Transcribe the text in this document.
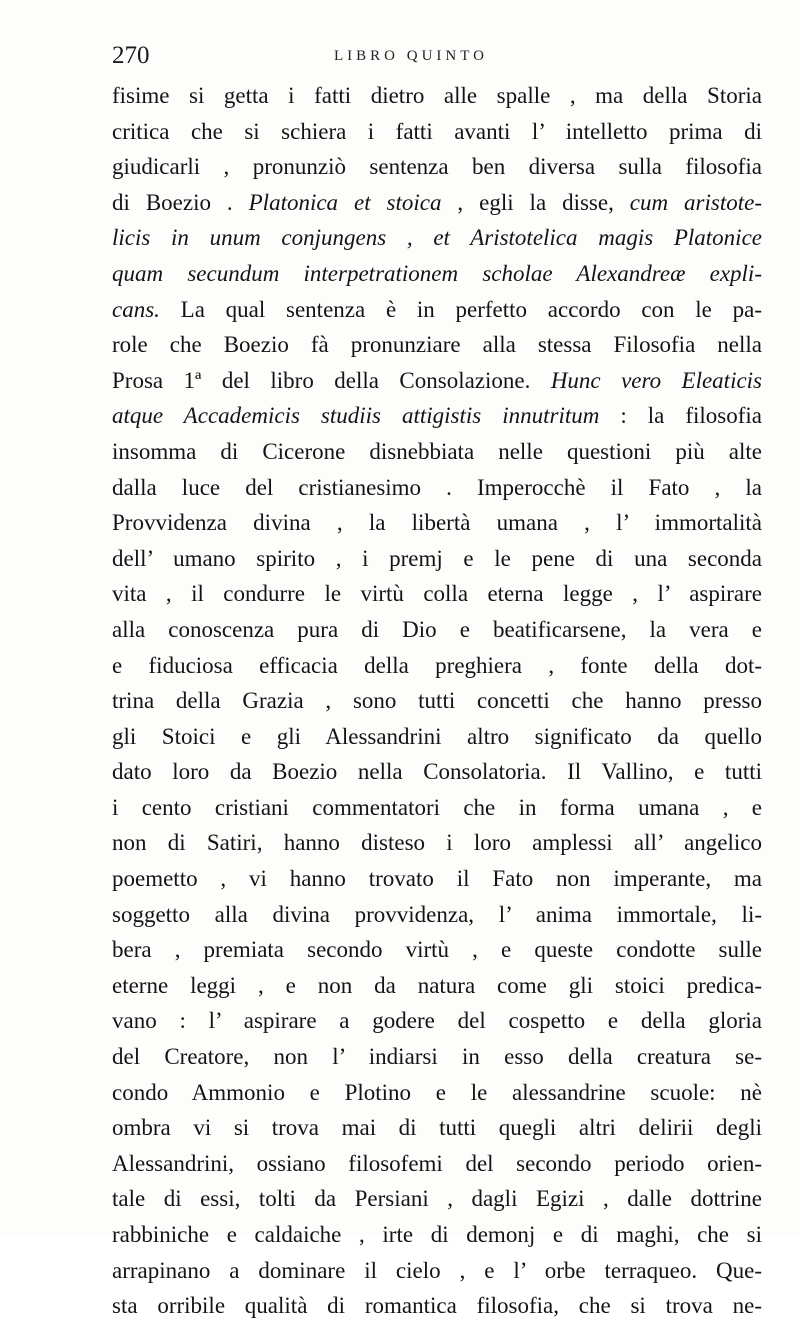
270	LIBRO QUINTO
fisime si getta i fatti dietro alle spalle , ma della Storia
critica che si schiera i fatti avanti l’ intelletto prima di
giudicarli , pronunziò sentenza ben diversa sulla filosofia
di Boezio . Platonica et stoica , egli la disse, cum aristote-
licis in unum conjungens , et Aristotelica magis Platonice
quam secundum interpetrationem scholae Alexandreæ expli-
cans. La qual sentenza è in perfetto accordo con le pa-
role che Boezio fà pronunziare alla stessa Filosofia nella
Prosa 1ª del libro della Consolazione. Hunc vero Eleaticis
atque Accademicis studiis attigistis innutritum : la filosofia
insomma di Cicerone disnebbiata nelle questioni più alte
dalla luce del cristianesimo . Imperocchè il Fato , la
Provvidenza divina , la libertà umana , l’ immortalità
dell’ umano spirito , i premj e le pene di una seconda
vita , il condurre le virtù colla eterna legge , l’ aspirare
alla conoscenza pura di Dio e beatificarsene, la vera e
e fiduciosa efficacia della preghiera , fonte della dot-
trina della Grazia , sono tutti concetti che hanno presso
gli Stoici e gli Alessandrini altro significato da quello
dato loro da Boezio nella Consolatoria. Il Vallino, e tutti
i cento cristiani commentatori che in forma umana , e
non di Satiri, hanno disteso i loro amplessi all’ angelico
poemetto , vi hanno trovato il Fato non imperante, ma
soggetto alla divina provvidenza, l’ anima immortale, li-
bera , premiata secondo virtù , e queste condotte sulle
eterne leggi , e non da natura come gli stoici predica-
vano : l’ aspirare a godere del cospetto e della gloria
del Creatore, non l’ indiarsi in esso della creatura se-
condo Ammonio e Plotino e le alessandrine scuole: nè
ombra vi si trova mai di tutti quegli altri delirii degli
Alessandrini, ossiano filosofemi del secondo periodo orien-
tale di essi, tolti da Persiani , dagli Egizi , dalle dottrine
rabbiniche e caldaiche , irte di demonj e di maghi, che si
arrapinano a dominare il cielo , e l’ orbe terraqueo. Que-
sta orribile qualità di romantica filosofia, che si trova ne-
